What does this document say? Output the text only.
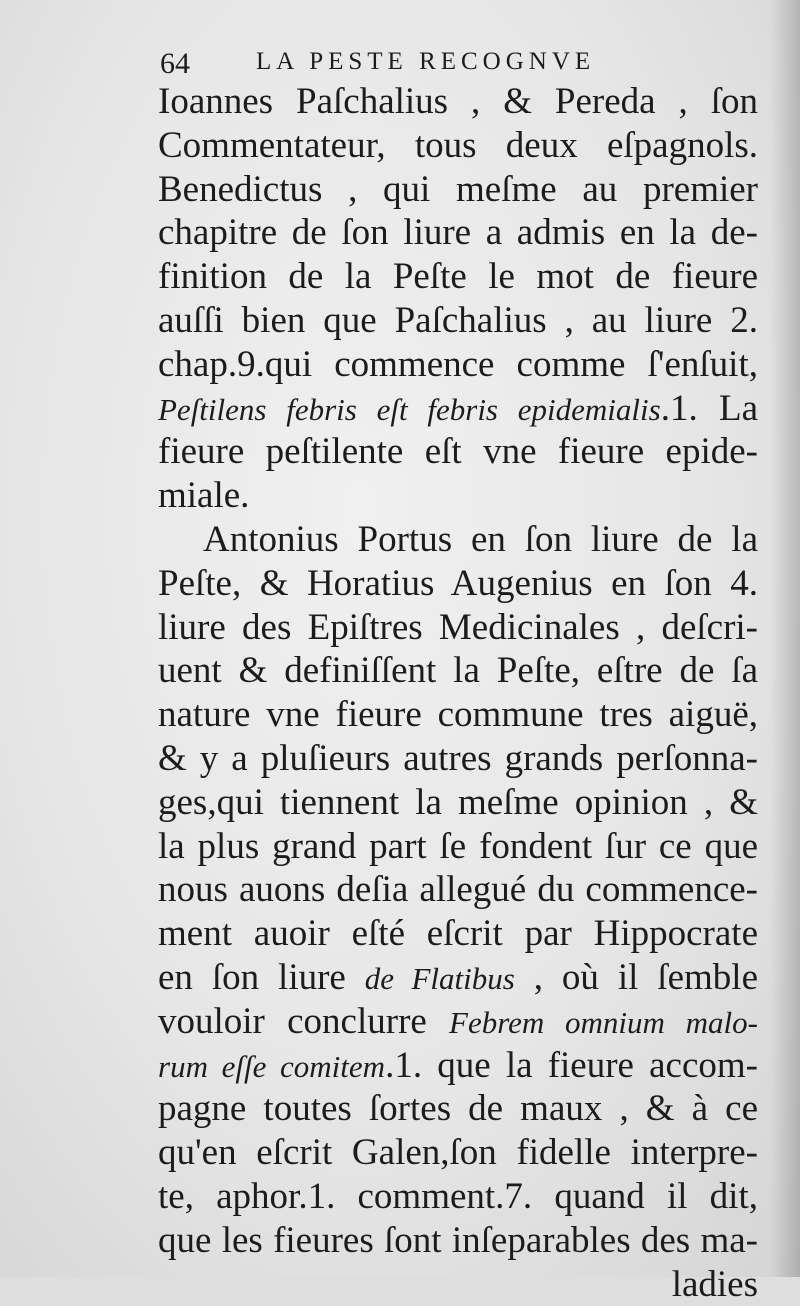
64	LA PESTE RECOGNVE
Ioannes Paſchalius , & Pereda , ſon
Commentateur, tous deux eſpagnols.
Benedictus , qui meſme au premier
chapitre de ſon liure a admis en la de-
finition de la Peſte le mot de fieure
auſſi bien que Paſchalius , au liure 2.
chap.9.qui commence comme ſ'enſuit,
Peſtilens febris eſt febris epidemialis.1. La
fieure peſtilente eſt vne fieure epide-
miale.
Antonius Portus en ſon liure de la
Peſte, & Horatius Augenius en ſon 4.
liure des Epiſtres Medicinales , deſcri-
uent & definiſſent la Peſte, eſtre de ſa
nature vne fieure commune tres aiguë,
& y a pluſieurs autres grands perſonna-
ges,qui tiennent la meſme opinion , &
la plus grand part ſe fondent ſur ce que
nous auons deſia allegué du commence-
ment auoir eſté eſcrit par Hippocrate
en ſon liure de Flatibus , où il ſemble
vouloir conclurre Febrem omnium malo-
rum eſſe comitem.1. que la fieure accom-
pagne toutes ſortes de maux , & à ce
qu'en eſcrit Galen,ſon fidelle interpre-
te, aphor.1. comment.7. quand il dit,
que les fieures ſont inſeparables des ma-
ladies
